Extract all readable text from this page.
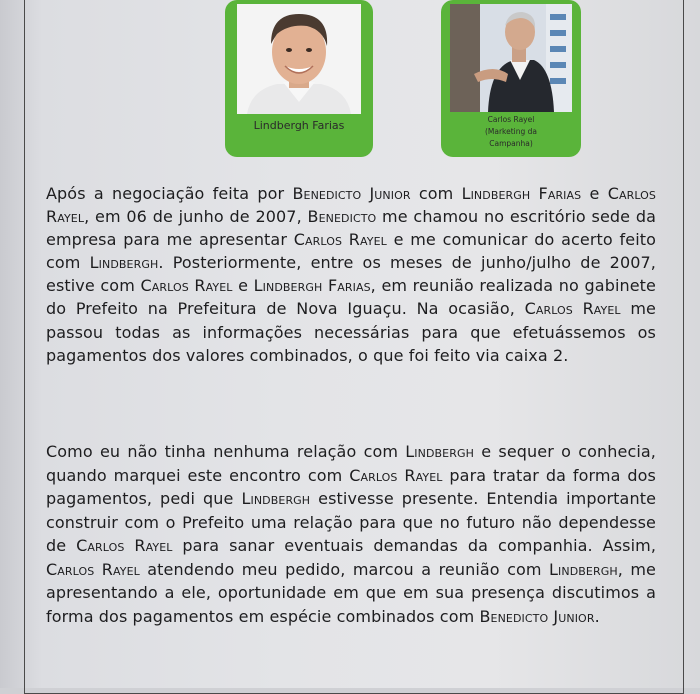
Lindbergh Farias	Carlos Rayel
(Marketing da
Campanha)
Após a negociação feita por Benedicto Junior com Lindbergh Farias e Carlos Rayel, em 06 de junho de 2007, Benedicto me chamou no escritório sede da empresa para me apresentar Carlos Rayel e me comunicar do acerto feito com Lindbergh. Posteriormente, entre os meses de junho/julho de 2007, estive com Carlos Rayel e Lindbergh Farias, em reunião realizada no gabinete do Prefeito na Prefeitura de Nova Iguaçu. Na ocasião, Carlos Rayel me passou todas as informações necessárias para que efetuássemos os pagamentos dos valores combinados, o que foi feito via caixa 2.
Como eu não tinha nenhuma relação com Lindbergh e sequer o conhecia, quando marquei este encontro com Carlos Rayel para tratar da forma dos pagamentos, pedi que Lindbergh estivesse presente. Entendia importante construir com o Prefeito uma relação para que no futuro não dependesse de Carlos Rayel para sanar eventuais demandas da companhia. Assim, Carlos Rayel atendendo meu pedido, marcou a reunião com Lindbergh, me apresentando a ele, oportunidade em que em sua presença discutimos a forma dos pagamentos em espécie combinados com Benedicto Junior.
